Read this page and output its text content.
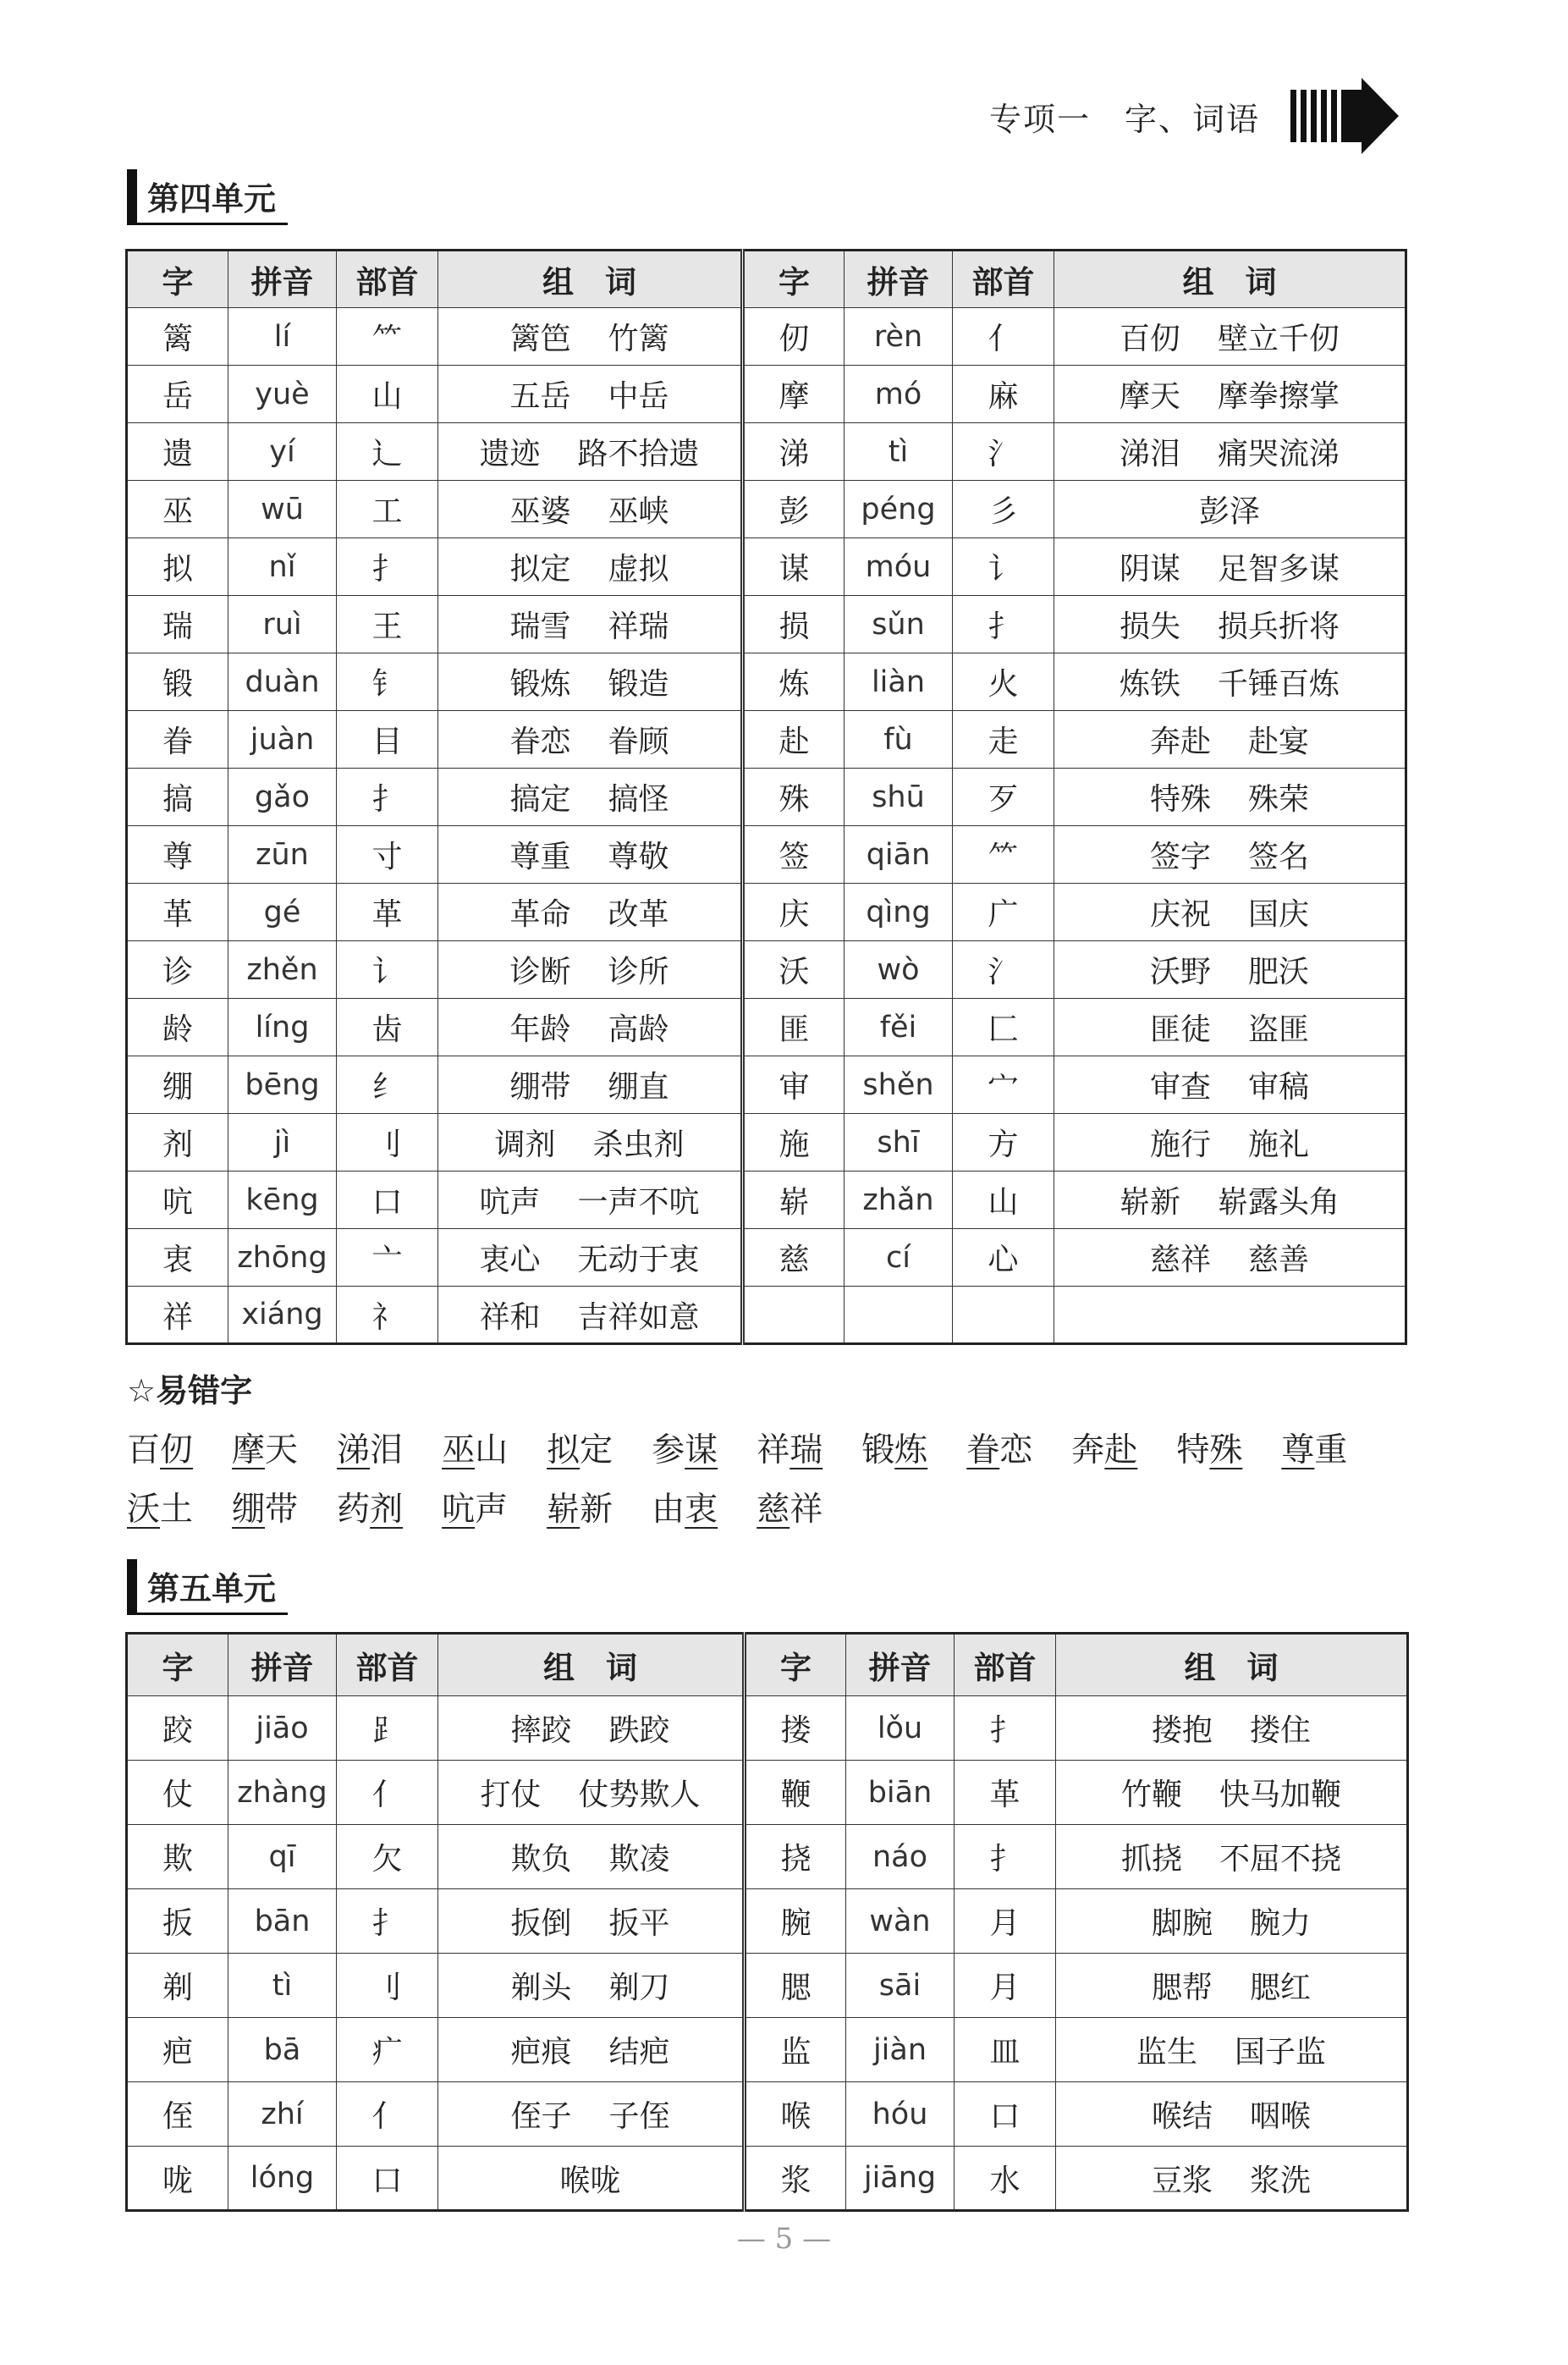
专项一　字、词语
第四单元
字	拼音	部首	组　词	字	拼音	部首	组　词
篱	lí	⺮	篱笆 竹篱	仞	rèn	亻	百仞 壁立千仞
岳	yuè	山	五岳 中岳	摩	mó	麻	摩天 摩拳擦掌
遗	yí	辶	遗迹 路不拾遗	涕	tì	氵	涕泪 痛哭流涕
巫	wū	工	巫婆 巫峡	彭	péng	彡	彭泽
拟	nǐ	扌	拟定 虚拟	谋	móu	讠	阴谋 足智多谋
瑞	ruì	王	瑞雪 祥瑞	损	sǔn	扌	损失 损兵折将
锻	duàn	钅	锻炼 锻造	炼	liàn	火	炼铁 千锤百炼
眷	juàn	目	眷恋 眷顾	赴	fù	走	奔赴 赴宴
搞	gǎo	扌	搞定 搞怪	殊	shū	歹	特殊 殊荣
尊	zūn	寸	尊重 尊敬	签	qiān	⺮	签字 签名
革	gé	革	革命 改革	庆	qìng	广	庆祝 国庆
诊	zhěn	讠	诊断 诊所	沃	wò	氵	沃野 肥沃
龄	líng	齿	年龄 高龄	匪	fěi	匚	匪徒 盗匪
绷	bēng	纟	绷带 绷直	审	shěn	宀	审查 审稿
剂	jì	刂	调剂 杀虫剂	施	shī	方	施行 施礼
吭	kēng	口	吭声 一声不吭	崭	zhǎn	山	崭新 崭露头角
衷	zhōng	亠	衷心 无动于衷	慈	cí	心	慈祥 慈善
祥	xiáng	礻	祥和 吉祥如意				
☆易错字
百仞 摩天 涕泪 巫山 拟定 参谋 祥瑞 锻炼 眷恋 奔赴 特殊 尊重
沃土 绷带 药剂 吭声 崭新 由衷 慈祥
第五单元
字	拼音	部首	组　词	字	拼音	部首	组　词
跤	jiāo	⻊	摔跤 跌跤	搂	lǒu	扌	搂抱 搂住
仗	zhàng	亻	打仗 仗势欺人	鞭	biān	革	竹鞭 快马加鞭
欺	qī	欠	欺负 欺凌	挠	náo	扌	抓挠 不屈不挠
扳	bān	扌	扳倒 扳平	腕	wàn	月	脚腕 腕力
剃	tì	刂	剃头 剃刀	腮	sāi	月	腮帮 腮红
疤	bā	疒	疤痕 结疤	监	jiàn	皿	监生 国子监
侄	zhí	亻	侄子 子侄	喉	hóu	口	喉结 咽喉
咙	lóng	口	喉咙	浆	jiāng	水	豆浆 浆洗
— 5 —
